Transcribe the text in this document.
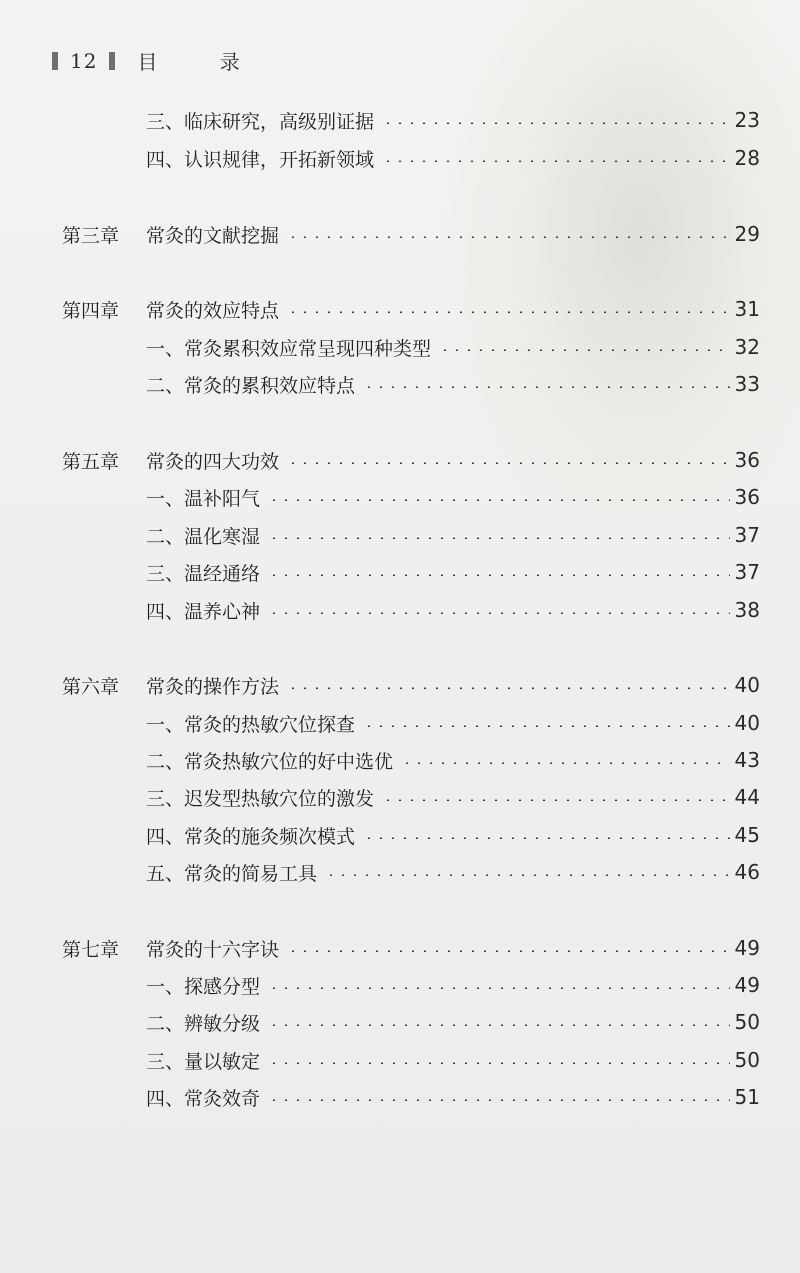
12 目 录
三、临床研究，高级别证据	23
四、认识规律，开拓新领域	28
第三章 常灸的文献挖掘	29
第四章 常灸的效应特点	31
一、常灸累积效应常呈现四种类型	32
二、常灸的累积效应特点	33
第五章 常灸的四大功效	36
一、温补阳气	36
二、温化寒湿	37
三、温经通络	37
四、温养心神	38
第六章 常灸的操作方法	40
一、常灸的热敏穴位探查	40
二、常灸热敏穴位的好中选优	43
三、迟发型热敏穴位的激发	44
四、常灸的施灸频次模式	45
五、常灸的简易工具	46
第七章 常灸的十六字诀	49
一、探感分型	49
二、辨敏分级	50
三、量以敏定	50
四、常灸效奇	51
